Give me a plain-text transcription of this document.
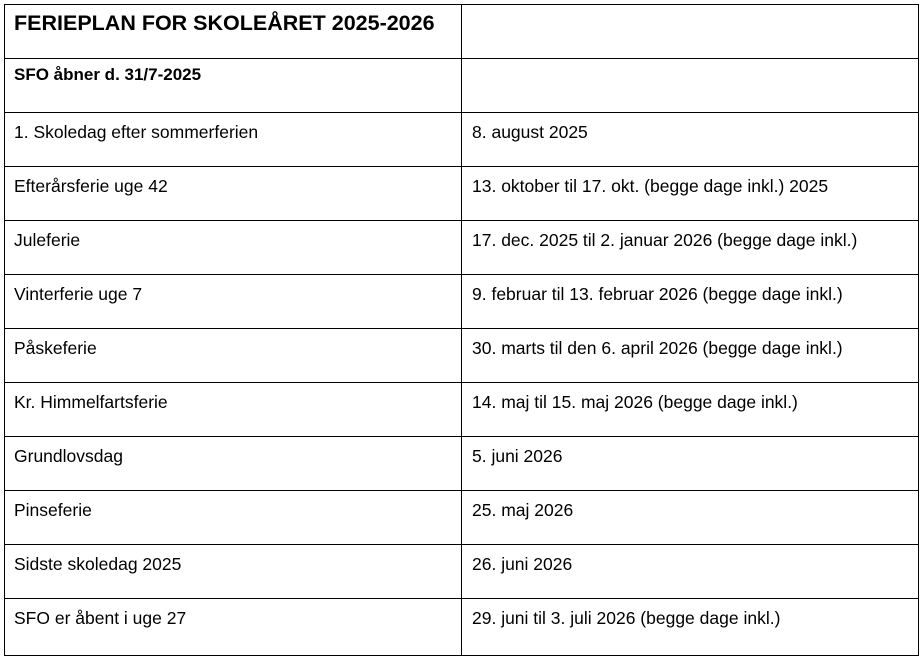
FERIEPLAN FOR SKOLEÅRET 2025-2026	

SFO åbner d. 31/7-2025	

1. Skoledag efter sommerferien	8. august 2025

Efterårsferie uge 42	13. oktober til 17. okt. (begge dage inkl.) 2025

Juleferie	17. dec. 2025 til 2. januar 2026 (begge dage inkl.)

Vinterferie uge 7	9. februar til 13. februar 2026 (begge dage inkl.)

Påskeferie	30. marts til den 6. april 2026 (begge dage inkl.)

Kr. Himmelfartsferie	14. maj til 15. maj 2026 (begge dage inkl.)

Grundlovsdag	5. juni 2026

Pinseferie	25. maj 2026

Sidste skoledag 2025	26. juni 2026

SFO er åbent i uge 27	29. juni til 3. juli 2026 (begge dage inkl.)
